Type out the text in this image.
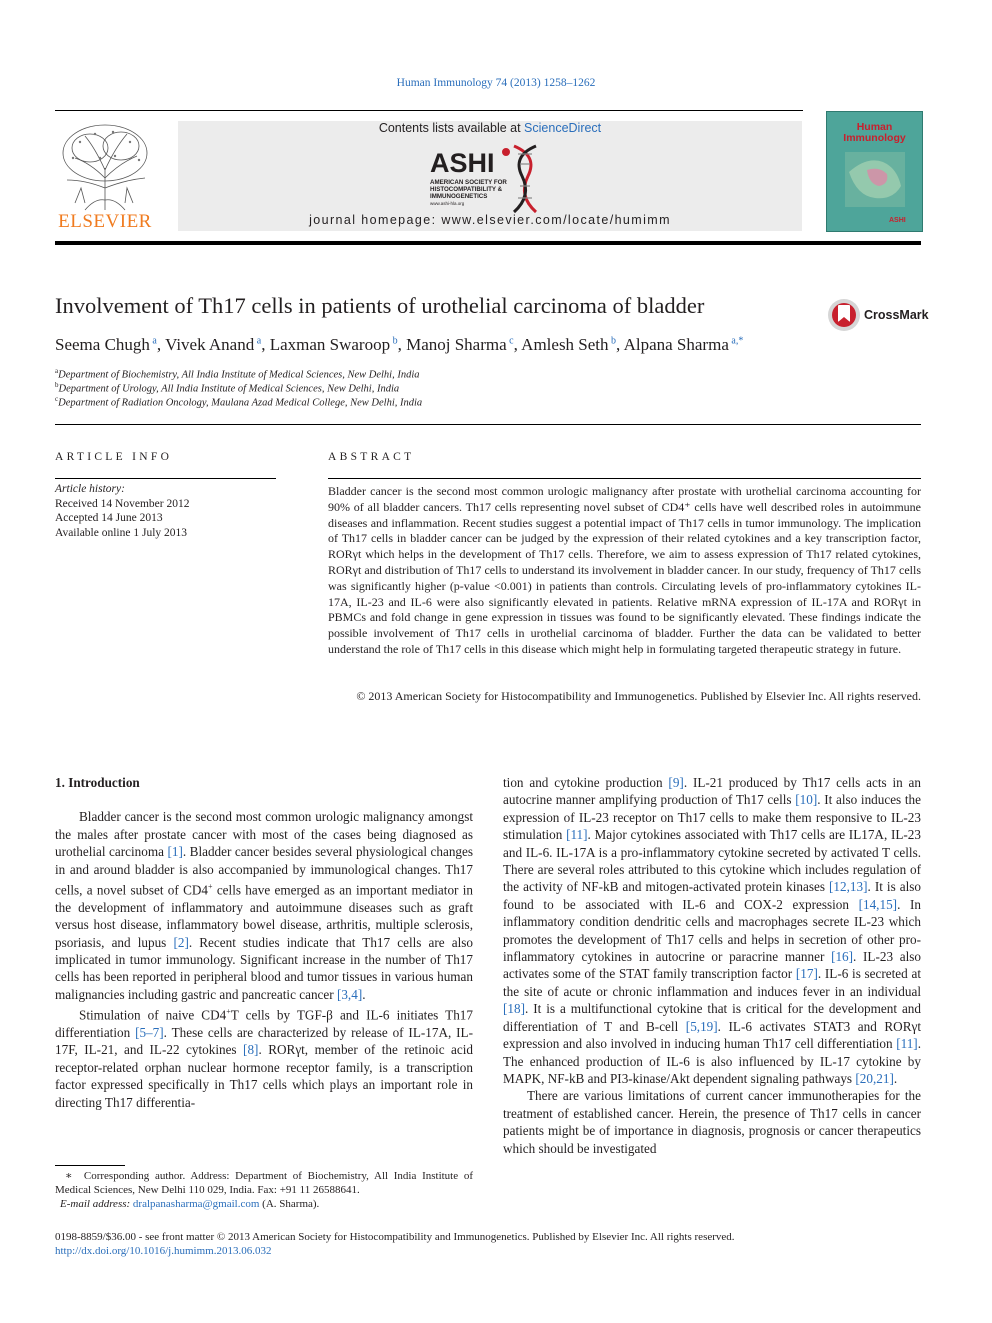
Human Immunology 74 (2013) 1258–1262
ELSEVIER
Contents lists available at ScienceDirect
ASHI
AMERICAN SOCIETY FOR
HISTOCOMPATIBILITY &
IMMUNOGENETICS
www.ashi-hla.org
journal homepage: www.elsevier.com/locate/humimm
Human
Immunology
ASHI
Involvement of Th17 cells in patients of urothelial carcinoma of bladder	CrossMark
Seema Chugh $^a$, Vivek Anand $^a$, Laxman Swaroop $^b$, Manoj Sharma $^c$, Amlesh Seth $^b$, Alpana Sharma $^{a,*}$
$^a$Department of Biochemistry, All India Institute of Medical Sciences, New Delhi, India
$^b$Department of Urology, All India Institute of Medical Sciences, New Delhi, India
$^c$Department of Radiation Oncology, Maulana Azad Medical College, New Delhi, India
ARTICLE INFO	ABSTRACT
Article history:
Received 14 November 2012
Accepted 14 June 2013
Available online 1 July 2013
Bladder cancer is the second most common urologic malignancy after prostate with urothelial carcinoma accounting for 90% of all bladder cancers. Th17 cells representing novel subset of CD4⁺ cells have well described roles in autoimmune diseases and inflammation. Recent studies suggest a potential impact of Th17 cells in tumor immunology. The implication of Th17 cells in bladder cancer can be judged by the expression of their related cytokines and a key transcription factor, RORγt which helps in the development of Th17 cells. Therefore, we aim to assess expression of Th17 related cytokines, RORγt and distribution of Th17 cells to understand its involvement in bladder cancer. In our study, frequency of Th17 cells was significantly higher (p-value <0.001) in patients than controls. Circulating levels of pro-inflammatory cytokines IL-17A, IL-23 and IL-6 were also significantly elevated in patients. Relative mRNA expression of IL-17A and RORγt in PBMCs and fold change in gene expression in tissues was found to be significantly elevated. These findings indicate the possible involvement of Th17 cells in urothelial carcinoma of bladder. Further the data can be validated to better understand the role of Th17 cells in this disease which might help in formulating targeted therapeutic strategy in future.
© 2013 American Society for Histocompatibility and Immunogenetics. Published by Elsevier Inc. All rights reserved.
1. Introduction

Bladder cancer is the second most common urologic malignancy amongst the males after prostate cancer with most of the cases being diagnosed as urothelial carcinoma [1]. Bladder cancer besides several physiological changes in and around bladder is also accompanied by immunological changes. Th17 cells, a novel subset of CD4+ cells have emerged as an important mediator in the development of inflammatory and autoimmune diseases such as graft versus host disease, inflammatory bowel disease, arthritis, multiple sclerosis, psoriasis, and lupus [2]. Recent studies indicate that Th17 cells are also implicated in tumor immunology. Significant increase in the number of Th17 cells has been reported in peripheral blood and tumor tissues in various human malignancies including gastric and pancreatic cancer [3,4].

Stimulation of naive CD4+T cells by TGF-β and IL-6 initiates Th17 differentiation [5–7]. These cells are characterized by release of IL-17A, IL-17F, IL-21, and IL-22 cytokines [8]. RORγt, member of the retinoic acid receptor-related orphan nuclear hormone receptor family, is a transcription factor expressed specifically in Th17 cells which plays an important role in directing Th17 differentia-

tion and cytokine production [9]. IL-21 produced by Th17 cells acts in an autocrine manner amplifying production of Th17 cells [10]. It also induces the expression of IL-23 receptor on Th17 cells to make them responsive to IL-23 stimulation [11]. Major cytokines associated with Th17 cells are IL17A, IL-23 and IL-6. IL-17A is a pro-inflammatory cytokine secreted by activated T cells. There are several roles attributed to this cytokine which includes regulation of the activity of NF-kB and mitogen-activated protein kinases [12,13]. It is also found to be associated with IL-6 and COX-2 expression [14,15]. In inflammatory condition dendritic cells and macrophages secrete IL-23 which promotes the development of Th17 cells and helps in secretion of other pro-inflammatory cytokines in autocrine or paracrine manner [16]. IL-23 also activates some of the STAT family transcription factor [17]. IL-6 is secreted at the site of acute or chronic inflammation and induces fever in an individual [18]. It is a multifunctional cytokine that is critical for the development and differentiation of T and B-cell [5,19]. IL-6 activates STAT3 and RORγt expression and also involved in inducing human Th17 cell differentiation [11]. The enhanced production of IL-6 is also influenced by IL-17 cytokine by MAPK, NF-kB and PI3-kinase/Akt dependent signaling pathways [20,21].

There are various limitations of current cancer immunotherapies for the treatment of established cancer. Herein, the presence of Th17 cells in cancer patients might be of importance in diagnosis, prognosis or cancer therapeutics which should be investigated

∗  Corresponding author. Address: Department of Biochemistry, All India Institute of Medical Sciences, New Delhi 110 029, India. Fax: +91 11 26588641.
E-mail address: dralpanasharma@gmail.com (A. Sharma).
0198-8859/$36.00 - see front matter © 2013 American Society for Histocompatibility and Immunogenetics. Published by Elsevier Inc. All rights reserved.
http://dx.doi.org/10.1016/j.humimm.2013.06.032
